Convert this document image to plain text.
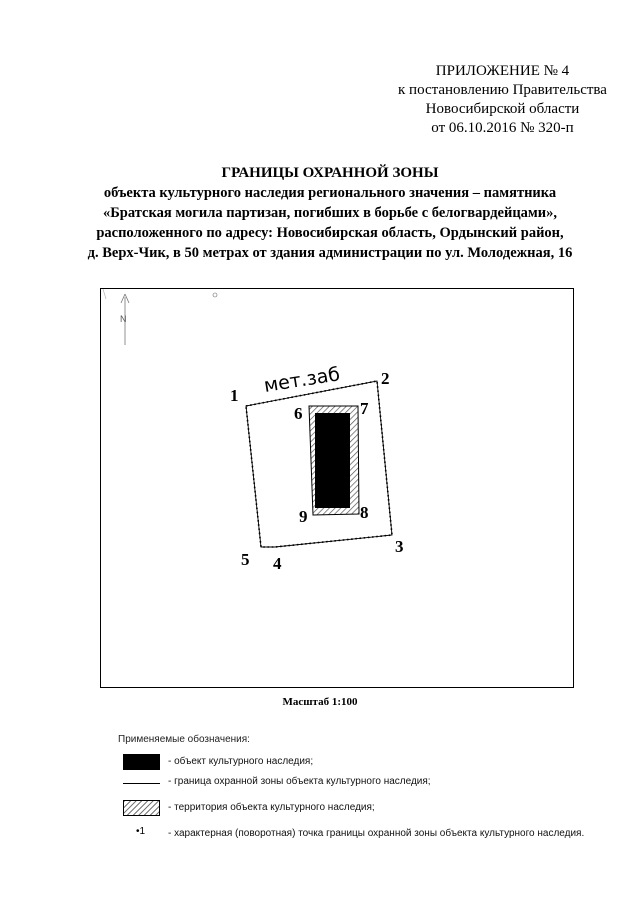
ПРИЛОЖЕНИЕ № 4
к постановлению Правительства
Новосибирской области
от 06.10.2016 № 320-п
ГРАНИЦЫ ОХРАННОЙ ЗОНЫ
объекта культурного наследия регионального значения – памятника
«Братская могила партизан, погибших в борьбе с белогвардейцами»,
расположенного по адресу: Новосибирская область, Ордынский район,
д. Верх-Чик, в 50 метрах от здания администрации по ул. Молодежная, 16
N
мет.заб
1
2
3
4
5
6	7
8
9
Масштаб 1:100
Применяемые обозначения:
- объект культурного наследия;
- граница охранной зоны объекта культурного наследия;
- территория объекта культурного наследия;
•1 - характерная (поворотная) точка границы охранной зоны объекта культурного наследия.
